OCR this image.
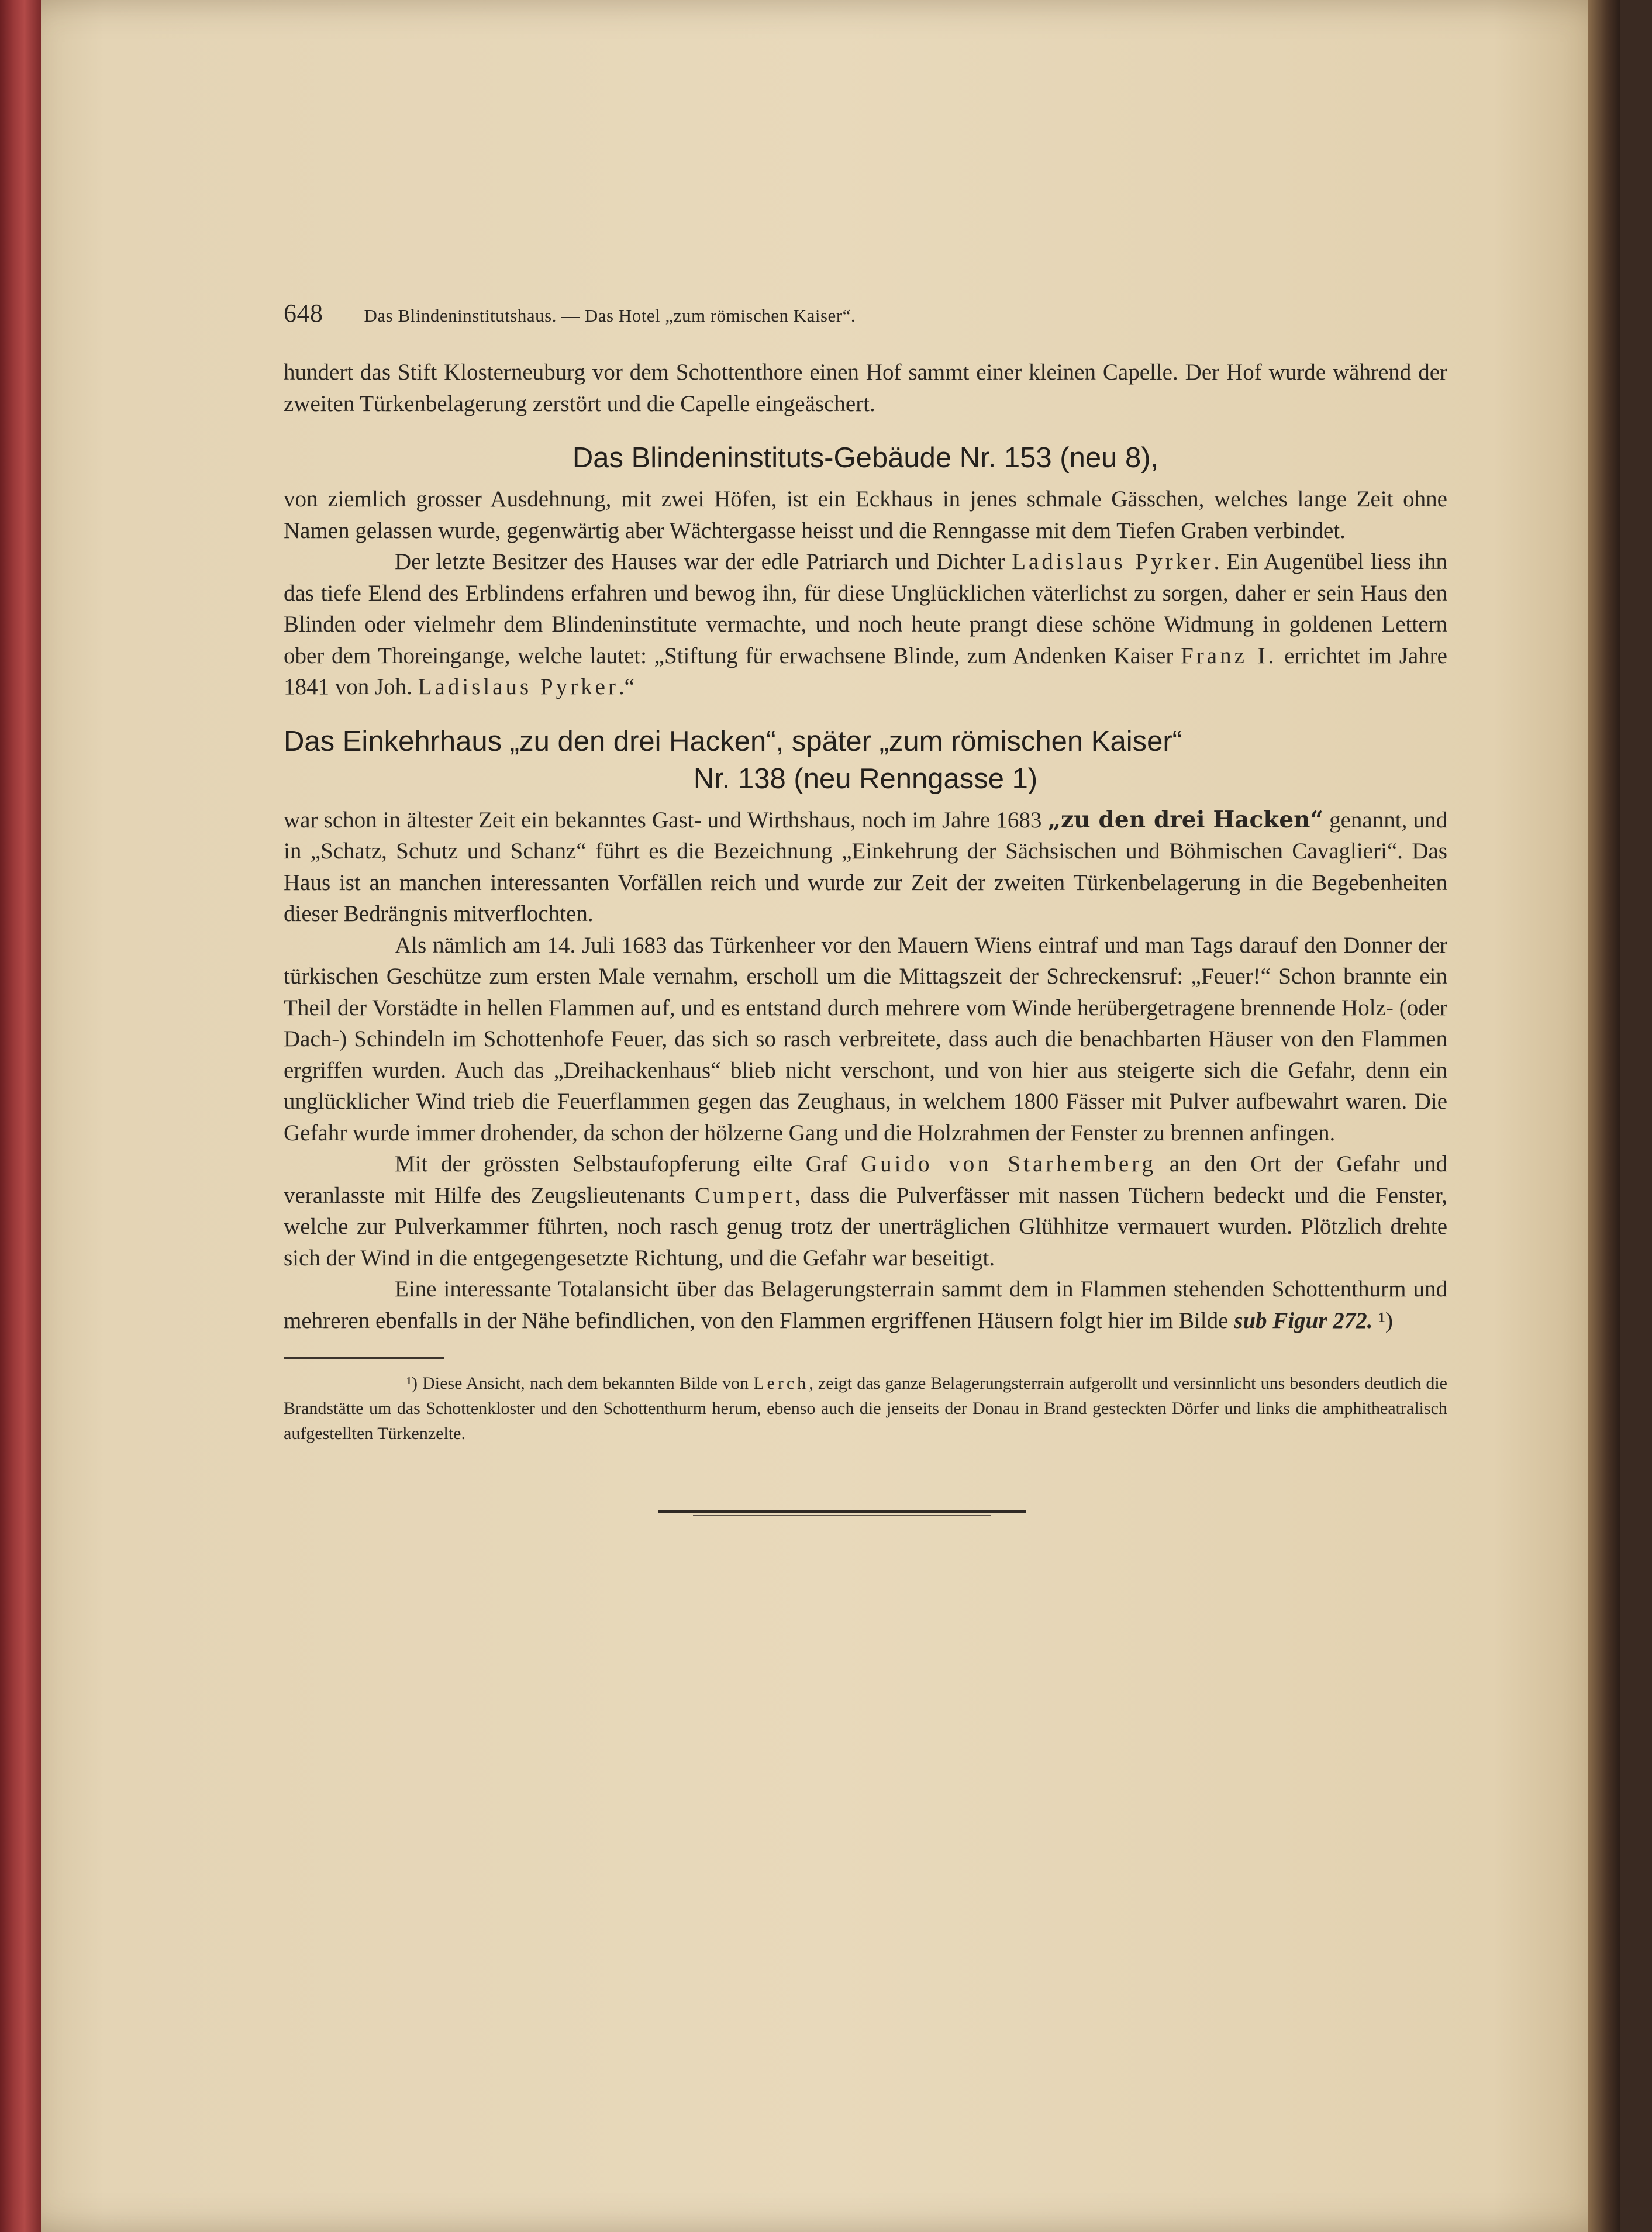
648 Das Blindeninstitutshaus. — Das Hotel „zum römischen Kaiser“.

hundert das Stift Klosterneuburg vor dem Schottenthore einen Hof sammt einer kleinen Capelle. Der Hof wurde während der zweiten Türkenbelagerung zerstört und die Capelle eingeäschert.

Das Blindeninstituts-Gebäude Nr. 153 (neu 8),

von ziemlich grosser Ausdehnung, mit zwei Höfen, ist ein Eckhaus in jenes schmale Gässchen, welches lange Zeit ohne Namen gelassen wurde, gegenwärtig aber Wächtergasse heisst und die Renngasse mit dem Tiefen Graben verbindet.

Der letzte Besitzer des Hauses war der edle Patriarch und Dichter Ladislaus Pyrker. Ein Augenübel liess ihn das tiefe Elend des Erblindens erfahren und bewog ihn, für diese Unglücklichen väterlichst zu sorgen, daher er sein Haus den Blinden oder vielmehr dem Blindeninstitute vermachte, und noch heute prangt diese schöne Widmung in goldenen Lettern ober dem Thoreingange, welche lautet: „Stiftung für erwachsene Blinde, zum Andenken Kaiser Franz I. errichtet im Jahre 1841 von Joh. Ladislaus Pyrker.“

Das Einkehrhaus „zu den drei Hacken“, später „zum römischen Kaiser“
Nr. 138 (neu Renngasse 1)

war schon in ältester Zeit ein bekanntes Gast- und Wirthshaus, noch im Jahre 1683 „zu den drei Hacken“ genannt, und in „Schatz, Schutz und Schanz“ führt es die Bezeichnung „Einkehrung der Sächsischen und Böhmischen Cavaglieri“. Das Haus ist an manchen interessanten Vorfällen reich und wurde zur Zeit der zweiten Türkenbelagerung in die Begebenheiten dieser Bedrängnis mitverflochten.

Als nämlich am 14. Juli 1683 das Türkenheer vor den Mauern Wiens eintraf und man Tags darauf den Donner der türkischen Geschütze zum ersten Male vernahm, erscholl um die Mittagszeit der Schreckensruf: „Feuer!“ Schon brannte ein Theil der Vorstädte in hellen Flammen auf, und es entstand durch mehrere vom Winde herübergetragene brennende Holz- (oder Dach-) Schindeln im Schottenhofe Feuer, das sich so rasch verbreitete, dass auch die benachbarten Häuser von den Flammen ergriffen wurden. Auch das „Dreihackenhaus“ blieb nicht verschont, und von hier aus steigerte sich die Gefahr, denn ein unglücklicher Wind trieb die Feuerflammen gegen das Zeughaus, in welchem 1800 Fässer mit Pulver aufbewahrt waren. Die Gefahr wurde immer drohender, da schon der hölzerne Gang und die Holzrahmen der Fenster zu brennen anfingen.

Mit der grössten Selbstaufopferung eilte Graf Guido von Starhemberg an den Ort der Gefahr und veranlasste mit Hilfe des Zeugslieutenants Cumpert, dass die Pulverfässer mit nassen Tüchern bedeckt und die Fenster, welche zur Pulverkammer führten, noch rasch genug trotz der unerträglichen Glühhitze vermauert wurden. Plötzlich drehte sich der Wind in die entgegengesetzte Richtung, und die Gefahr war beseitigt.

Eine interessante Totalansicht über das Belagerungsterrain sammt dem in Flammen stehenden Schottenthurm und mehreren ebenfalls in der Nähe befindlichen, von den Flammen ergriffenen Häusern folgt hier im Bilde sub Figur 272. ¹)

¹) Diese Ansicht, nach dem bekannten Bilde von Lerch, zeigt das ganze Belagerungsterrain aufgerollt und versinnlicht uns besonders deutlich die Brandstätte um das Schottenkloster und den Schottenthurm herum, ebenso auch die jenseits der Donau in Brand gesteckten Dörfer und links die amphitheatralisch aufgestellten Türkenzelte.
